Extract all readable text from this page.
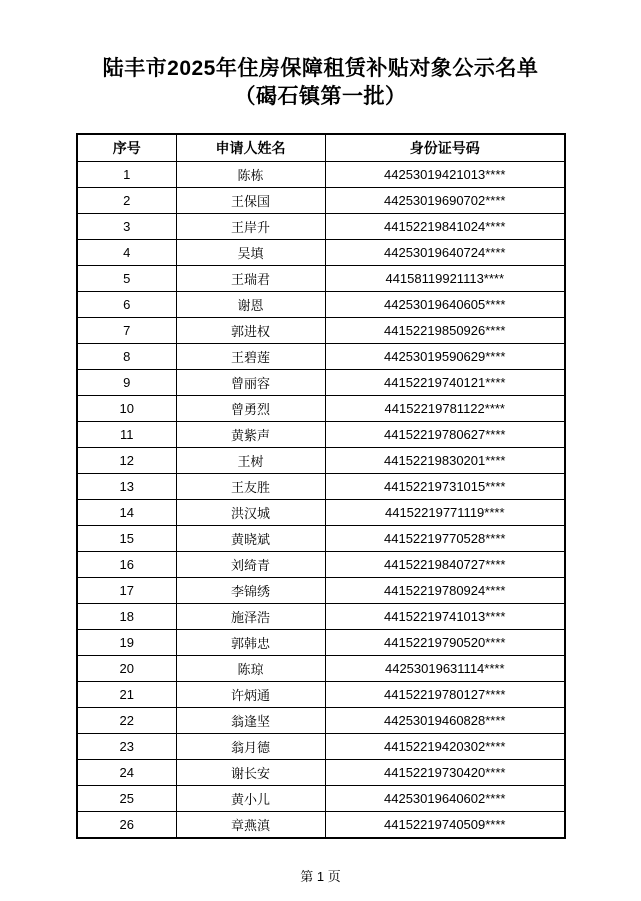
陆丰市2025年住房保障租赁补贴对象公示名单
（碣石镇第一批）
序号	申请人姓名	身份证号码
1	陈栋	44253019421013****
2	王保国	44253019690702****
3	王岸升	44152219841024****
4	吴填	44253019640724****
5	王瑞君	44158119921113****
6	谢恩	44253019640605****
7	郭进权	44152219850926****
8	王碧莲	44253019590629****
9	曾丽容	44152219740121****
10	曾勇烈	44152219781122****
11	黄紫声	44152219780627****
12	王树	44152219830201****
13	王友胜	44152219731015****
14	洪汉城	44152219771119****
15	黄晓斌	44152219770528****
16	刘绮青	44152219840727****
17	李锦绣	44152219780924****
18	施泽浩	44152219741013****
19	郭韩忠	44152219790520****
20	陈琼	44253019631114****
21	许炳通	44152219780127****
22	翁逢坚	44253019460828****
23	翁月德	44152219420302****
24	谢长安	44152219730420****
25	黄小儿	44253019640602****
26	章燕滇	44152219740509****
第 1 页
